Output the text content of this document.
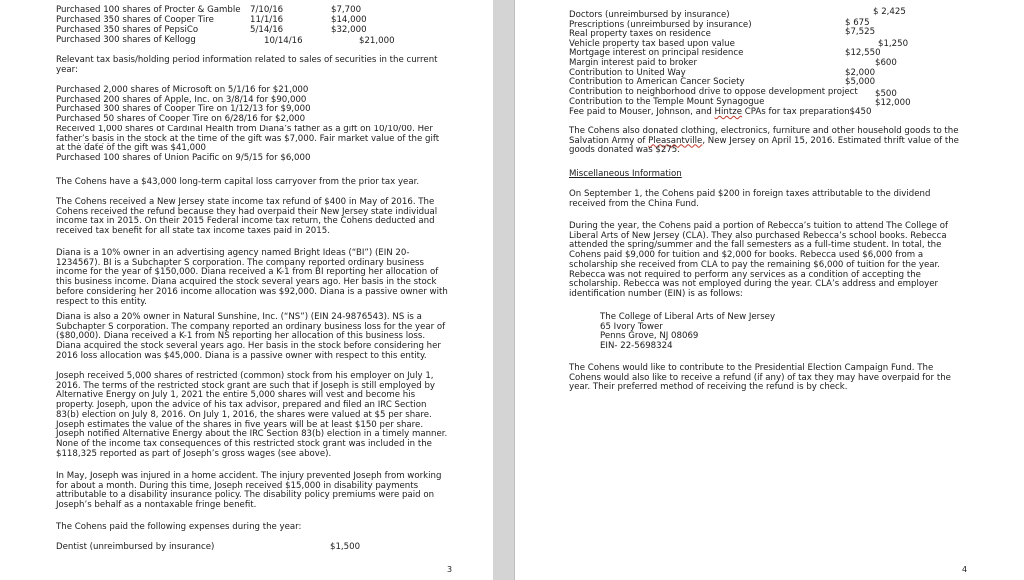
Purchased 100 shares of Procter & Gamble 7/10/16	$7,700
Purchased 350 shares of Cooper Tire	11/1/16	$14,000
Purchased 350 shares of PepsiCo	5/14/16	$32,000
Purchased 300 shares of Kellogg	10/14/16	$21,000
Relevant tax basis/holding period information related to sales of securities in the current year:
Purchased 2,000 shares of Microsoft on 5/1/16 for $21,000
Purchased 200 shares of Apple, Inc. on 3/8/14 for $90,000
Purchased 300 shares of Cooper Tire on 1/12/13 for $9,000
Purchased 50 shares of Cooper Tire on 6/28/16 for $2,000
Received 1,000 shares of Cardinal Health from Diana’s father as a gift on 10/10/00. Her father’s basis in the stock at the time of the gift was $7,000. Fair market value of the gift
at the date of the gift was $41,000
Purchased 100 shares of Union Pacific on 9/5/15 for $6,000
The Cohens have a $43,000 long-term capital loss carryover from the prior tax year.
The Cohens received a New Jersey state income tax refund of $400 in May of 2016. The Cohens received the refund because they had overpaid their New Jersey state individual income tax in 2015. On their 2015 Federal income tax return, the Cohens deducted and received tax benefit for all state tax income taxes paid in 2015.
Diana is a 10% owner in an advertising agency named Bright Ideas (“BI”) (EIN 20-1234567). BI is a Subchapter S corporation. The company reported ordinary business income for the year of $150,000. Diana received a K-1 from BI reporting her allocation of this business income. Diana acquired the stock several years ago. Her basis in the stock before considering her 2016 income allocation was $92,000. Diana is a passive owner with respect to this entity.
Diana is also a 20% owner in Natural Sunshine, Inc. (“NS”) (EIN 24-9876543). NS is a Subchapter S corporation. The company reported an ordinary business loss for the year of ($80,000). Diana received a K-1 from NS reporting her allocation of this business loss. Diana acquired the stock several years ago. Her basis in the stock before considering her 2016 loss allocation was $45,000. Diana is a passive owner with respect to this entity.
Joseph received 5,000 shares of restricted (common) stock from his employer on July 1, 2016. The terms of the restricted stock grant are such that if Joseph is still employed by Alternative Energy on July 1, 2021 the entire 5,000 shares will vest and become his property. Joseph, upon the advice of his tax advisor, prepared and filed an IRC Section 83(b) election on July 8, 2016. On July 1, 2016, the shares were valued at $5 per share. Joseph estimates the value of the shares in five years will be at least $150 per share. Joseph notified Alternative Energy about the IRC Section 83(b) election in a timely manner. None of the income tax consequences of this restricted stock grant was included in the $118,325 reported as part of Joseph’s gross wages (see above).
In May, Joseph was injured in a home accident. The injury prevented Joseph from working for about a month. During this time, Joseph received $15,000 in disability payments attributable to a disability insurance policy. The disability policy premiums were paid on Joseph’s behalf as a nontaxable fringe benefit.
The Cohens paid the following expenses during the year:
Dentist (unreimbursed by insurance)	$1,500
3
Doctors (unreimbursed by insurance)	$ 2,425
Prescriptions (unreimbursed by insurance)	$ 675
Real property taxes on residence	$7,525
Vehicle property tax based upon value	$1,250
Mortgage interest on principal residence	$12,550
Margin interest paid to broker	$600
Contribution to United Way	$2,000
Contribution to American Cancer Society	$5,000
Contribution to neighborhood drive to oppose development project $500
Contribution to the Temple Mount Synagogue	$12,000
Fee paid to Mouser, Johnson, and Hintze CPAs for tax preparation$450
The Cohens also donated clothing, electronics, furniture and other household goods to the Salvation Army of Pleasantville, New Jersey on April 15, 2016. Estimated thrift value of the goods donated was $275.
Miscellaneous Information
On September 1, the Cohens paid $200 in foreign taxes attributable to the dividend received from the China Fund.
During the year, the Cohens paid a portion of Rebecca’s tuition to attend The College of Liberal Arts of New Jersey (CLA). They also purchased Rebecca’s school books. Rebecca attended the spring/summer and the fall semesters as a full-time student. In total, the Cohens paid $9,000 for tuition and $2,000 for books. Rebecca used $6,000 from a scholarship she received from CLA to pay the remaining $6,000 of tuition for the year. Rebecca was not required to perform any services as a condition of accepting the scholarship. Rebecca was not employed during the year. CLA’s address and employer identification number (EIN) is as follows:
The College of Liberal Arts of New Jersey
65 Ivory Tower
Penns Grove, NJ 08069
EIN- 22-5698324
The Cohens would like to contribute to the Presidential Election Campaign Fund. The Cohens would also like to receive a refund (if any) of tax they may have overpaid for the year. Their preferred method of receiving the refund is by check.
4
